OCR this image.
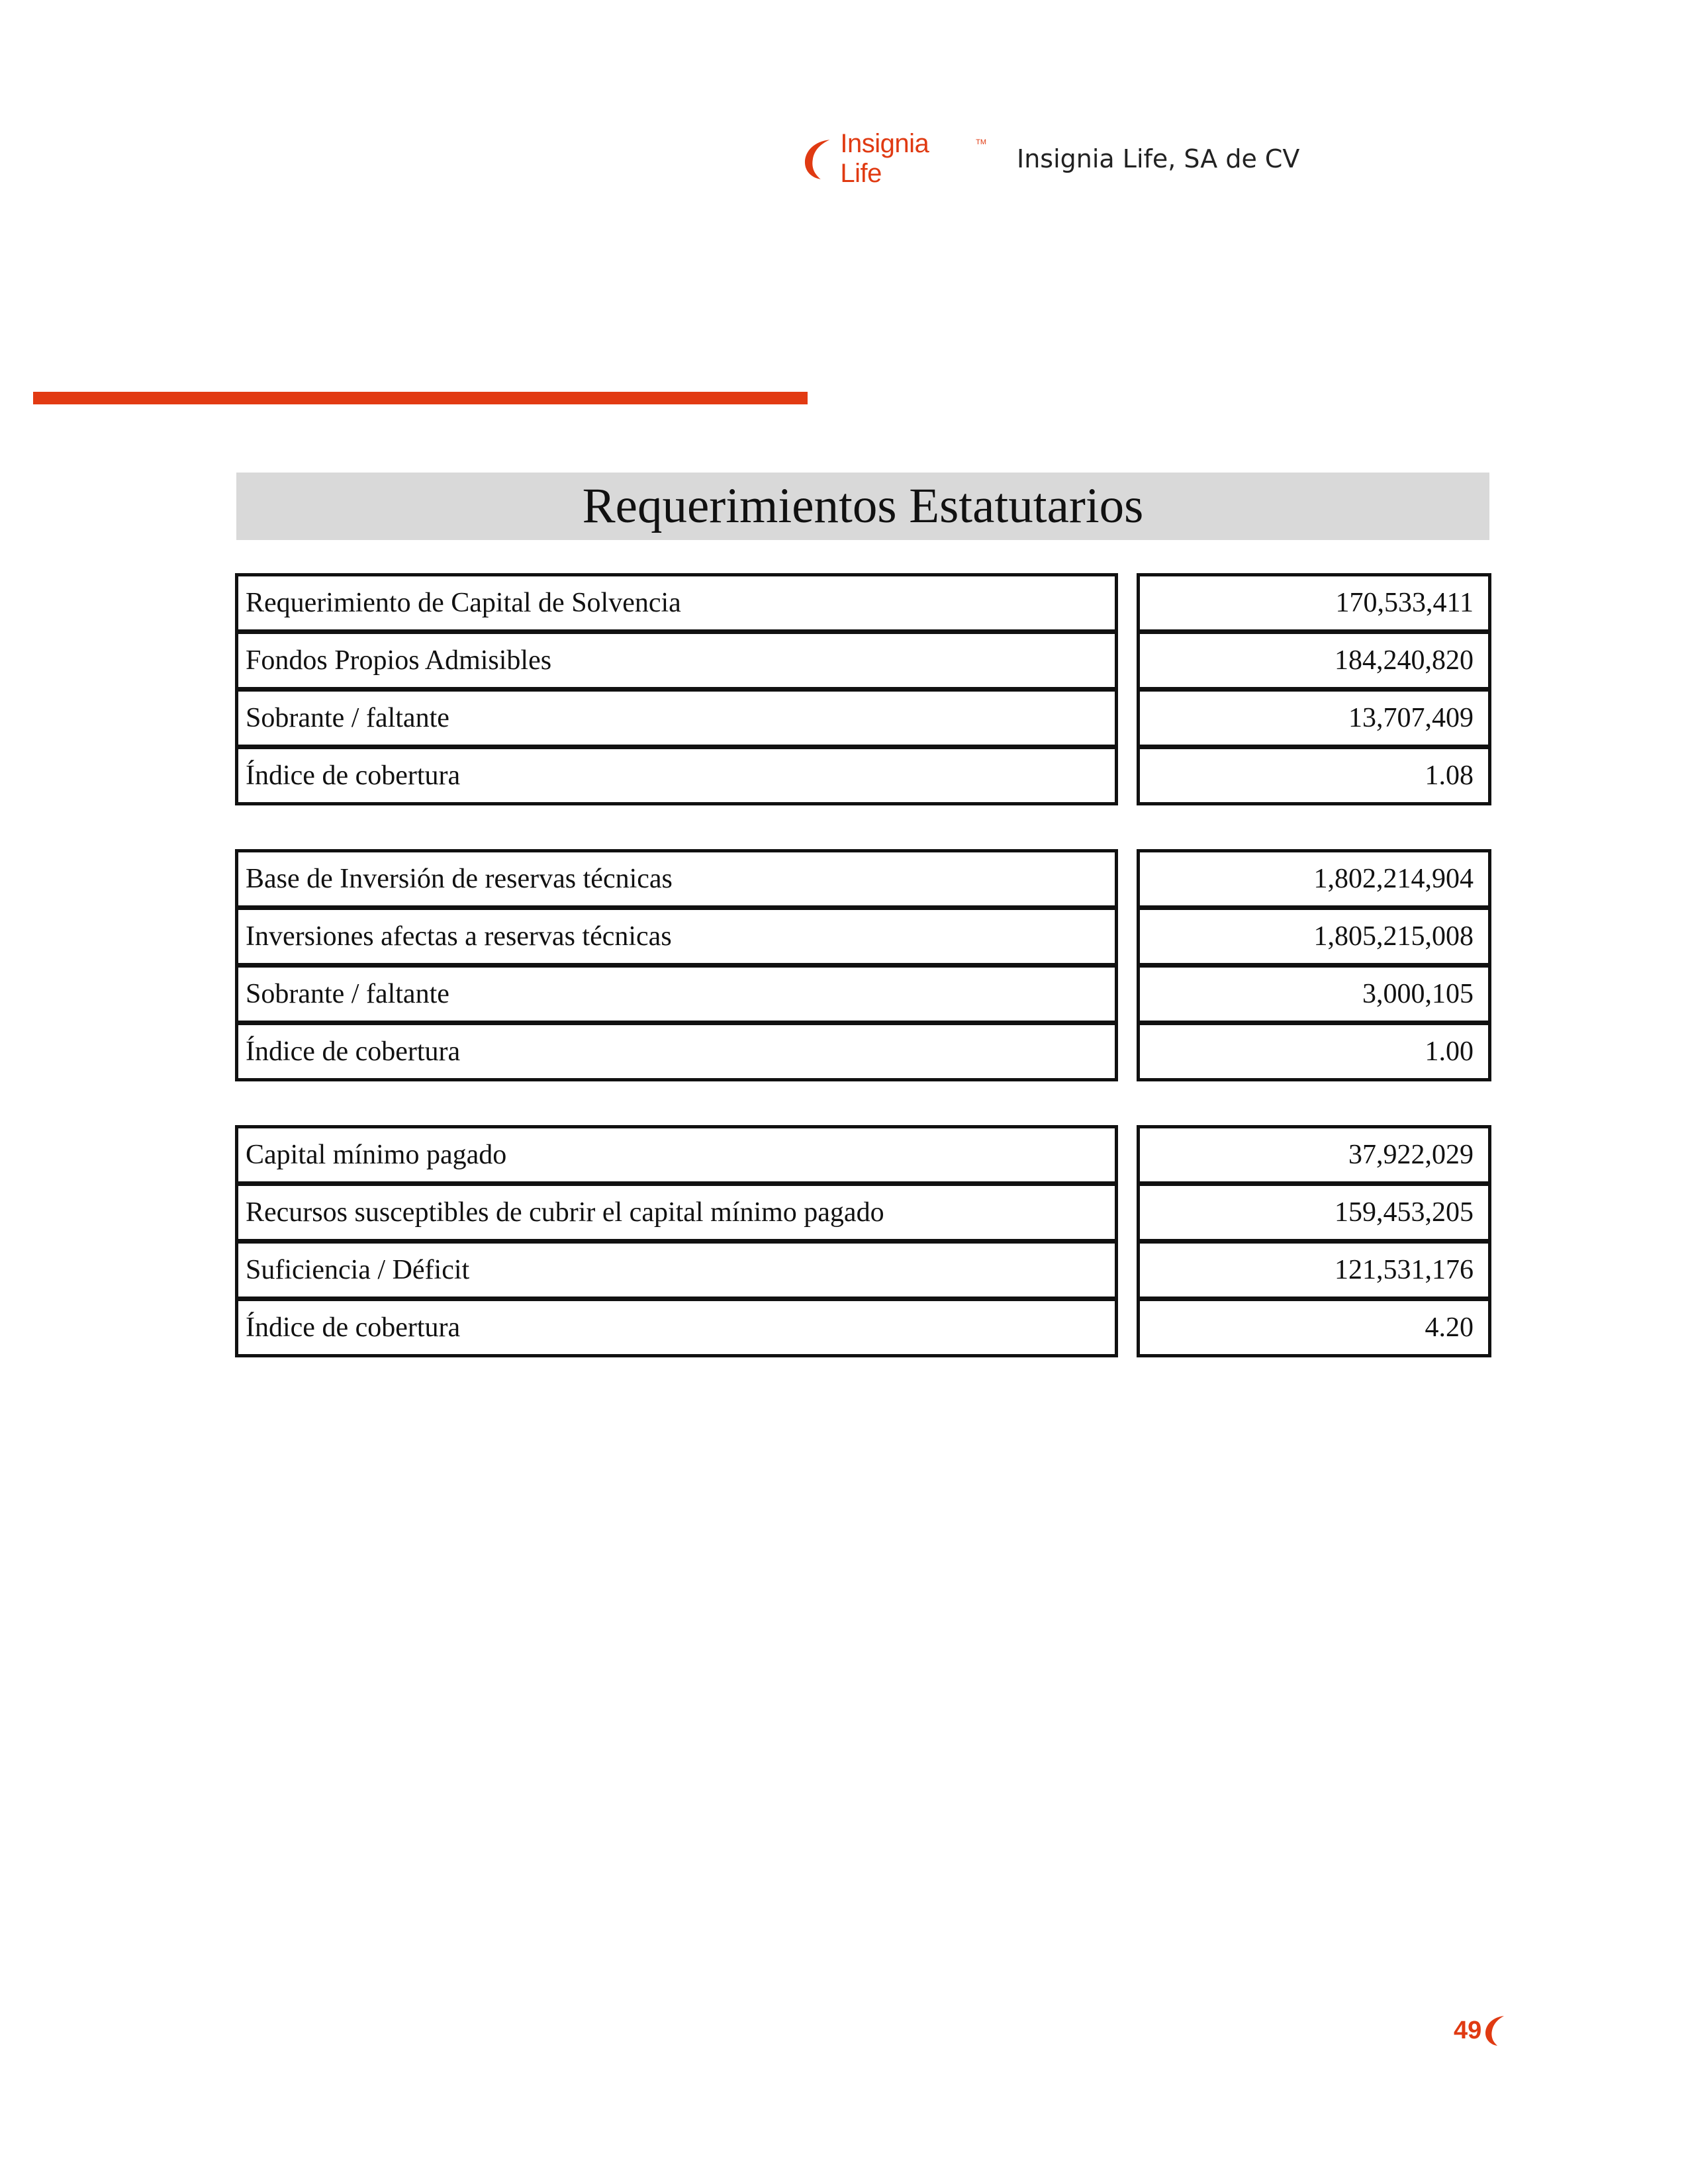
Insignia Life
TM
Insignia Life, SA de CV
Requerimientos Estatutarios
Requerimiento de Capital de Solvencia	170,533,411
Fondos Propios Admisibles	184,240,820
Sobrante / faltante	13,707,409
Índice de cobertura	1.08
Base de Inversión de reservas técnicas	1,802,214,904
Inversiones afectas a reservas técnicas	1,805,215,008
Sobrante / faltante	3,000,105
Índice de cobertura	1.00
Capital mínimo pagado	37,922,029
Recursos susceptibles de cubrir el capital mínimo pagado	159,453,205
Suficiencia / Déficit	121,531,176
Índice de cobertura	4.20
49
